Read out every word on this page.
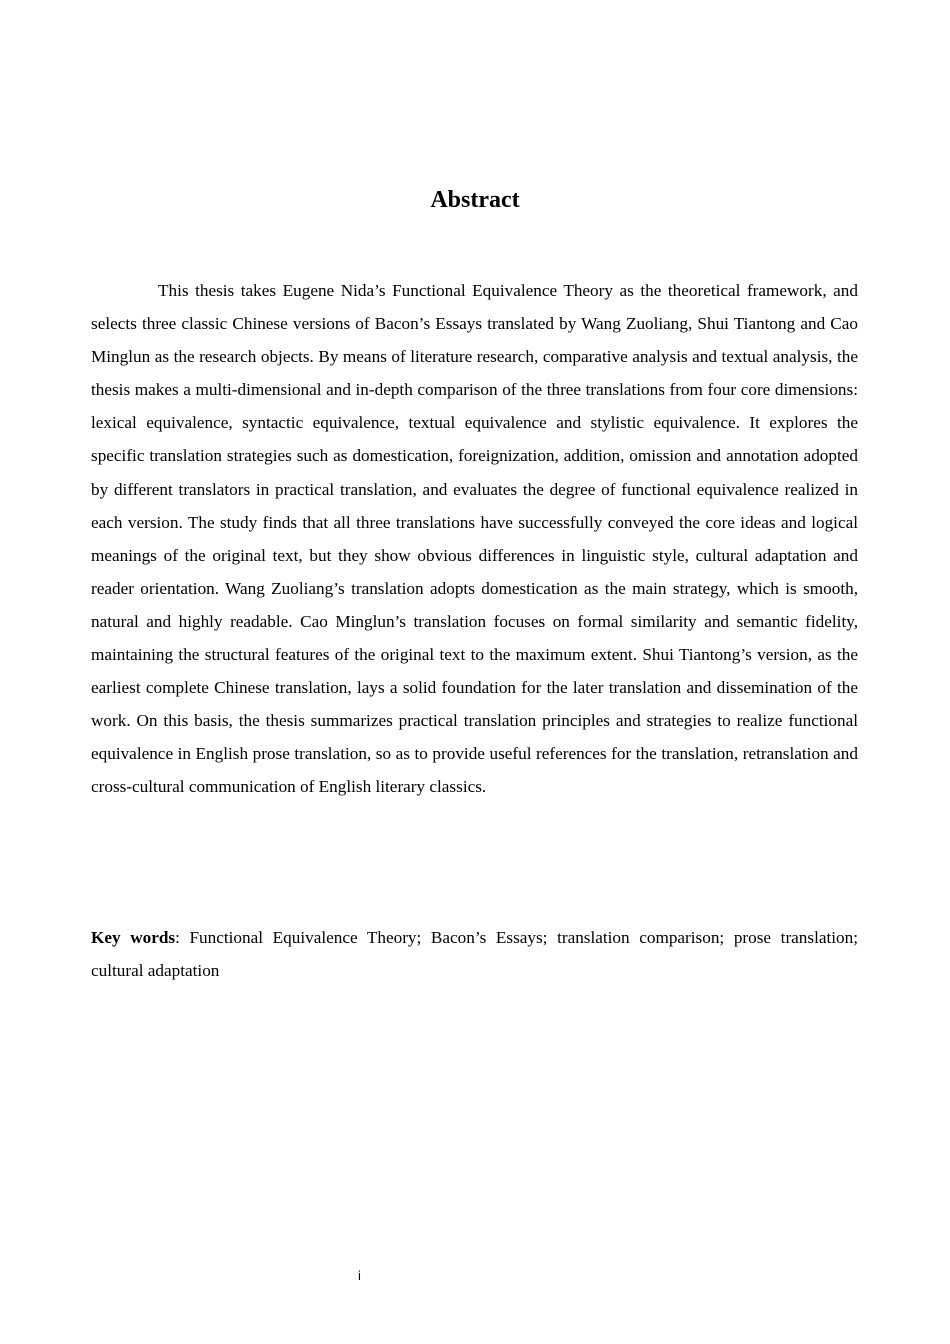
Abstract

This thesis takes Eugene Nida’s Functional Equivalence Theory as the theoretical framework, and selects three classic Chinese versions of Bacon’s Essays translated by Wang Zuoliang, Shui Tiantong and Cao Minglun as the research objects. By means of literature research, comparative analysis and textual analysis, the thesis makes a multi-dimensional and in-depth comparison of the three translations from four core dimensions: lexical equivalence, syntactic equivalence, textual equivalence and stylistic equivalence. It explores the specific translation strategies such as domestication, foreignization, addition, omission and annotation adopted by different translators in practical translation, and evaluates the degree of functional equivalence realized in each version. The study finds that all three translations have successfully conveyed the core ideas and logical meanings of the original text, but they show obvious differences in linguistic style, cultural adaptation and reader orientation. Wang Zuoliang’s translation adopts domestication as the main strategy, which is smooth, natural and highly readable. Cao Minglun’s translation focuses on formal similarity and semantic fidelity, maintaining the structural features of the original text to the maximum extent. Shui Tiantong’s version, as the earliest complete Chinese translation, lays a solid foundation for the later translation and dissemination of the work. On this basis, the thesis summarizes practical translation principles and strategies to realize functional equivalence in English prose translation, so as to provide useful references for the translation, retranslation and cross-cultural communication of English literary classics.

Key words: Functional Equivalence Theory; Bacon’s Essays; translation comparison; prose translation; cultural adaptation

i
